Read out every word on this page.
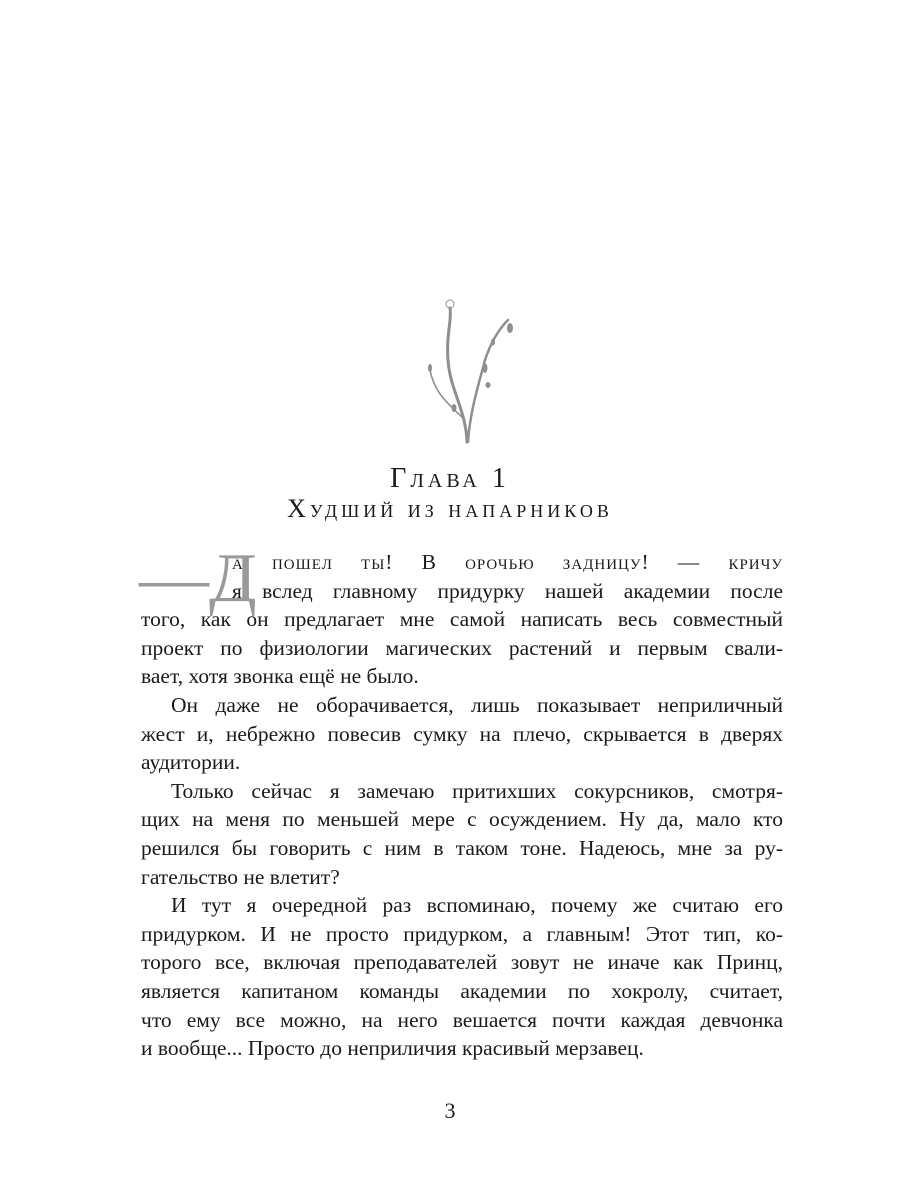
Глава 1
Худший из напарников
—Д
а пошел ты! В орочью задницу! — кричу
я вслед главному придурку нашей академии после
того, как он предлагает мне самой написать весь совместный
проект по физиологии магических растений и первым свали-
вает, хотя звонка ещё не было.
Он даже не оборачивается, лишь показывает неприличный
жест и, небрежно повесив сумку на плечо, скрывается в дверях
аудитории.
Только сейчас я замечаю притихших сокурсников, смотря-
щих на меня по меньшей мере с осуждением. Ну да, мало кто
решился бы говорить с ним в таком тоне. Надеюсь, мне за ру-
гательство не влетит?
И тут я очередной раз вспоминаю, почему же считаю его
придурком. И не просто придурком, а главным! Этот тип, ко-
торого все, включая преподавателей зовут не иначе как Принц,
является капитаном команды академии по хокролу, считает,
что ему все можно, на него вешается почти каждая девчонка
и вообще... Просто до неприличия красивый мерзавец.
3
